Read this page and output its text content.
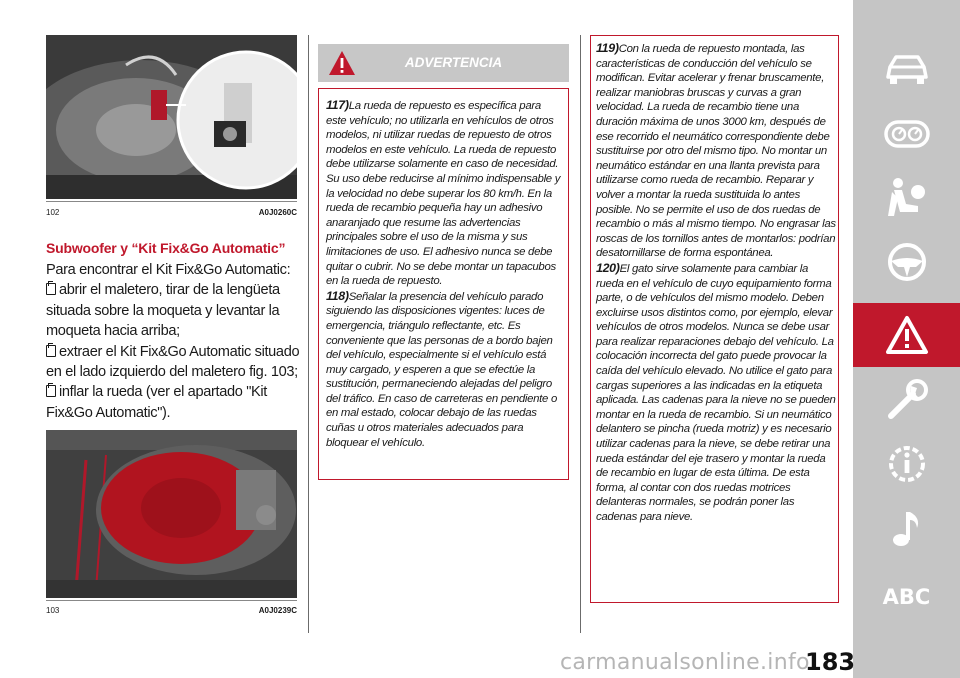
102	A0J0260C
Subwoofer y “Kit Fix&Go Automatic”

Para encontrar el Kit Fix&Go Automatic:

abrir el maletero, tirar de la lengüeta situada sobre la moqueta y levantar la moqueta hacia arriba;

extraer el Kit Fix&Go Automatic situado en el lado izquierdo del maletero fig. 103;

inflar la rueda (ver el apartado "Kit Fix&Go Automatic").

103	A0J0239C
ADVERTENCIA

117)La rueda de repuesto es específica para este vehículo; no utilizarla en vehículos de otros modelos, ni utilizar ruedas de repuesto de otros modelos en este vehículo. La rueda de repuesto debe utilizarse solamente en caso de necesidad. Su uso debe reducirse al mínimo indispensable y la velocidad no debe superar los 80 km/h. En la rueda de recambio pequeña hay un adhesivo anaranjado que resume las advertencias principales sobre el uso de la misma y sus limitaciones de uso. El adhesivo nunca se debe quitar o cubrir. No se debe montar un tapacubos en la rueda de repuesto.

118)Señalar la presencia del vehículo parado siguiendo las disposiciones vigentes: luces de emergencia, triángulo reflectante, etc. Es conveniente que las personas de a bordo bajen del vehículo, especialmente si el vehículo está muy cargado, y esperen a que se efectúe la sustitución, permaneciendo alejadas del peligro del tráfico. En caso de carreteras en pendiente o en mal estado, colocar debajo de las ruedas cuñas u otros materiales adecuados para bloquear el vehículo.

119)Con la rueda de repuesto montada, las características de conducción del vehículo se modifican. Evitar acelerar y frenar bruscamente, realizar maniobras bruscas y curvas a gran velocidad. La rueda de recambio tiene una duración máxima de unos 3000 km, después de ese recorrido el neumático correspondiente debe sustituirse por otro del mismo tipo. No montar un neumático estándar en una llanta prevista para utilizarse como rueda de recambio. Reparar y volver a montar la rueda sustituida lo antes posible. No se permite el uso de dos ruedas de recambio o más al mismo tiempo. No engrasar las roscas de los tornillos antes de montarlos: podrían desatornillarse de forma espontánea.

120)El gato sirve solamente para cambiar la rueda en el vehículo de cuyo equipamiento forma parte, o de vehículos del mismo modelo. Deben excluirse usos distintos como, por ejemplo, elevar vehículos de otros modelos. Nunca se debe usar para realizar reparaciones debajo del vehículo. La colocación incorrecta del gato puede provocar la caída del vehículo elevado. No utilice el gato para cargas superiores a las indicadas en la etiqueta aplicada. Las cadenas para la nieve no se pueden montar en la rueda de recambio. Si un neumático delantero se pincha (rueda motriz) y es necesario utilizar cadenas para la nieve, se debe retirar una rueda estándar del eje trasero y montar la rueda de recambio en lugar de esta última. De esta forma, al contar con dos ruedas motrices delanteras normales, se podrán poner las cadenas para nieve.

ABC
183
carmanualsonline.info
